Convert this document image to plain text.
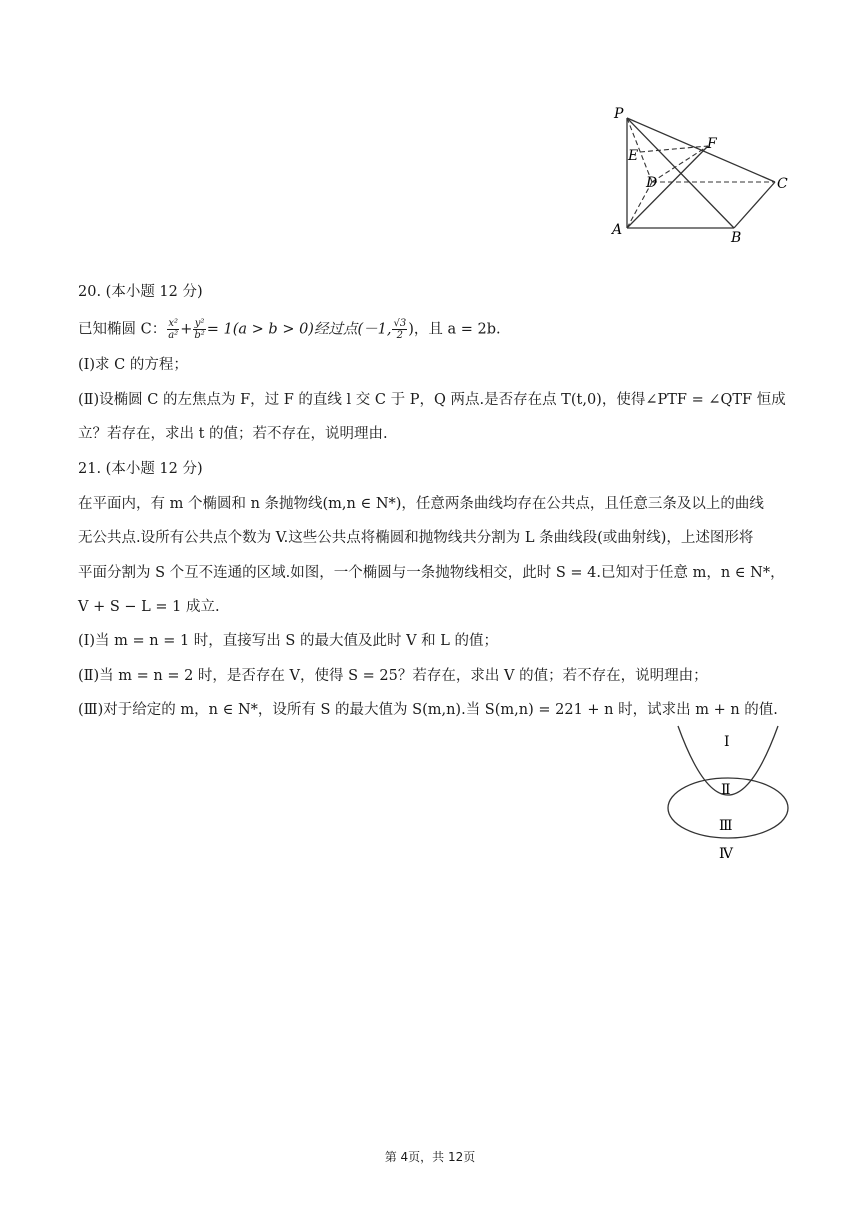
P
E
F
D	C
A	B
20. (本小题 12 分)
已知椭圆 C： $\frac{\text{x²}}{\text{a²}} + \frac{\text{y²}}{\text{b²}} = 1(a > b > 0)$经过点(－1, $\frac{√3}{2}$ )，且 a = 2b.
(Ⅰ)求 C 的方程；
(Ⅱ)设椭圆 C 的左焦点为 F，过 F 的直线 l 交 C 于 P，Q 两点.是否存在点 T(t,0)，使得∠PTF = ∠QTF 恒成
立？若存在，求出 t 的值；若不存在，说明理由.
21. (本小题 12 分)
在平面内，有 m 个椭圆和 n 条抛物线(m,n ∈ N*)，任意两条曲线均存在公共点，且任意三条及以上的曲线
无公共点.设所有公共点个数为 V.这些公共点将椭圆和抛物线共分割为 L 条曲线段(或曲射线)，上述图形将
平面分割为 S 个互不连通的区域.如图，一个椭圆与一条抛物线相交，此时 S = 4.已知对于任意 m，n ∈ N*，
V + S − L = 1 成立.
(Ⅰ)当 m = n = 1 时，直接写出 S 的最大值及此时 V 和 L 的值；
(Ⅱ)当 m = n = 2 时，是否存在 V，使得 S = 25？若存在，求出 V 的值；若不存在，说明理由；
(Ⅲ)对于给定的 m，n ∈ N*，设所有 S 的最大值为 S(m,n).当 S(m,n) = 221 + n 时，试求出 m + n 的值.
Ⅰ
Ⅱ
Ⅲ
Ⅳ
第 4页，共 12页
